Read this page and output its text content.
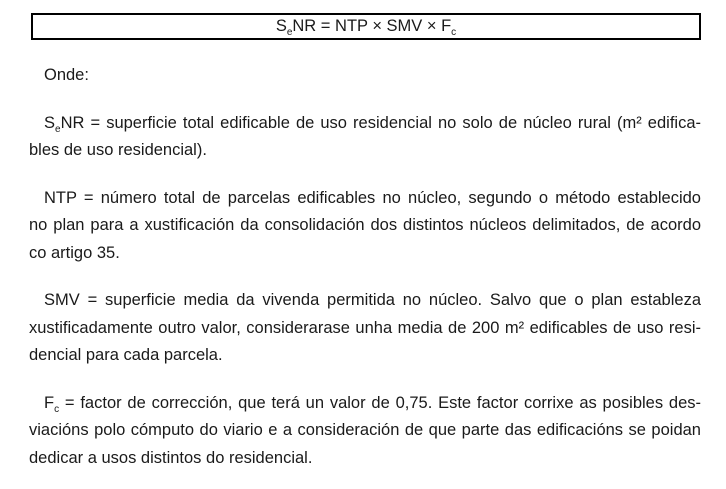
$S_eNR$ = NTP × SMV × $F_c$
Onde:
$S_eNR$ = superficie total edificable de uso residencial no solo de núcleo rural (m² edifica-
bles de uso residencial).
NTP = número total de parcelas edificables no núcleo, segundo o método establecido
no plan para a xustificación da consolidación dos distintos núcleos delimitados, de acordo
co artigo 35.
SMV = superficie media da vivenda permitida no núcleo. Salvo que o plan estableza
xustificadamente outro valor, considerarase unha media de 200 m² edificables de uso resi-
dencial para cada parcela.
$F_c$ = factor de corrección, que terá un valor de 0,75. Este factor corrixe as posibles des-
viacións polo cómputo do viario e a consideración de que parte das edificacións se poidan
dedicar a usos distintos do residencial.
